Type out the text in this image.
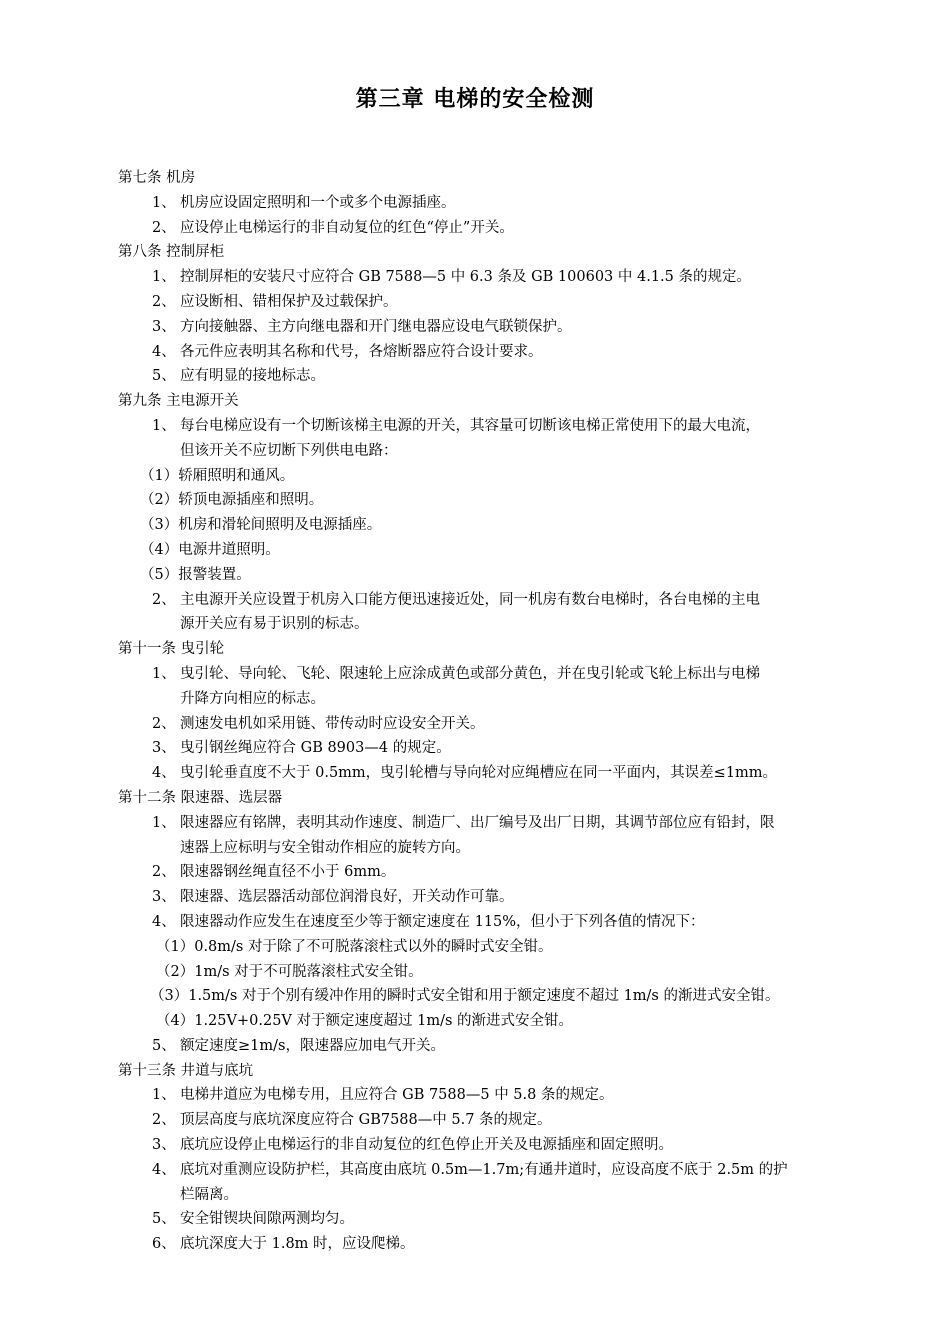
第三章 电梯的安全检测
第七条 机房
1、 机房应设固定照明和一个或多个电源插座。
2、 应设停止电梯运行的非自动复位的红色“停止”开关。
第八条 控制屏柜
1、 控制屏柜的安装尺寸应符合 GB 7588—5 中 6.3 条及 GB 100603 中 4.1.5 条的规定。
2、 应设断相、错相保护及过载保护。
3、 方向接触器、主方向继电器和开门继电器应设电气联锁保护。
4、 各元件应表明其名称和代号，各熔断器应符合设计要求。
5、 应有明显的接地标志。
第九条 主电源开关
1、 每台电梯应设有一个切断该梯主电源的开关，其容量可切断该电梯正常使用下的最大电流，
但该开关不应切断下列供电电路：
（1）轿厢照明和通风。
（2）轿顶电源插座和照明。
（3）机房和滑轮间照明及电源插座。
（4）电源井道照明。
（5）报警装置。
2、 主电源开关应设置于机房入口能方便迅速接近处，同一机房有数台电梯时，各台电梯的主电
源开关应有易于识别的标志。
第十一条 曳引轮
1、 曳引轮、导向轮、飞轮、限速轮上应涂成黄色或部分黄色，并在曳引轮或飞轮上标出与电梯
升降方向相应的标志。
2、 测速发电机如采用链、带传动时应设安全开关。
3、 曳引钢丝绳应符合 GB 8903—4 的规定。
4、 曳引轮垂直度不大于 0.5mm，曳引轮槽与导向轮对应绳槽应在同一平面内，其误差≤1mm。
第十二条 限速器、选层器
1、 限速器应有铭牌，表明其动作速度、制造厂、出厂编号及出厂日期，其调节部位应有铅封，限
速器上应标明与安全钳动作相应的旋转方向。
2、 限速器钢丝绳直径不小于 6mm。
3、 限速器、选层器活动部位润滑良好，开关动作可靠。
4、 限速器动作应发生在速度至少等于额定速度在 115%，但小于下列各值的情况下：
（1）0.8m/s 对于除了不可脱落滚柱式以外的瞬时式安全钳。
（2）1m/s 对于不可脱落滚柱式安全钳。
（3）1.5m/s 对于个别有缓冲作用的瞬时式安全钳和用于额定速度不超过 1m/s 的渐进式安全钳。
（4）1.25V+0.25V 对于额定速度超过 1m/s 的渐进式安全钳。
5、 额定速度≥1m/s，限速器应加电气开关。
第十三条 井道与底坑
1、 电梯井道应为电梯专用，且应符合 GB 7588—5 中 5.8 条的规定。
2、 顶层高度与底坑深度应符合 GB7588—中 5.7 条的规定。
3、 底坑应设停止电梯运行的非自动复位的红色停止开关及电源插座和固定照明。
4、 底坑对重测应设防护栏，其高度由底坑 0.5m—1.7m;有通井道时，应设高度不底于 2.5m 的护
栏隔离。
5、 安全钳锲块间隙两测均匀。
6、 底坑深度大于 1.8m 时，应设爬梯。
